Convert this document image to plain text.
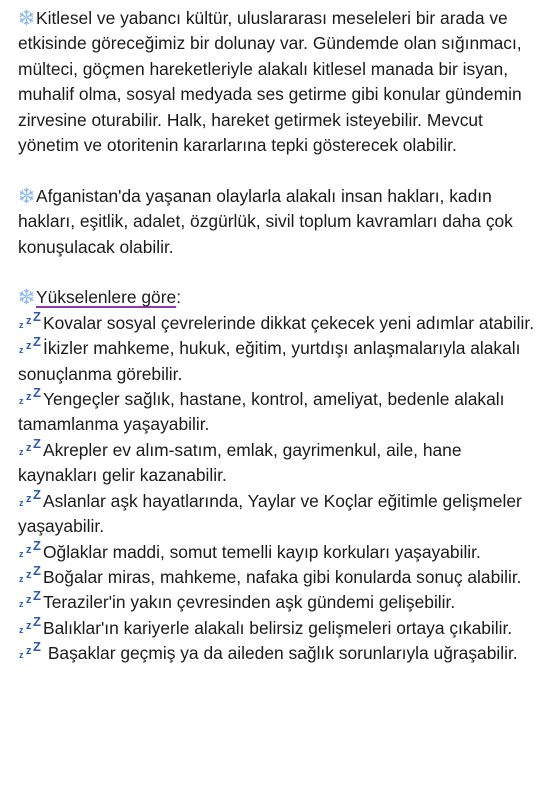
Kitlesel ve yabancı kültür, uluslararası meseleleri bir arada ve etkisinde göreceğimiz bir dolunay var. Gündemde olan sığınmacı, mülteci, göçmen hareketleriyle alakalı kitlesel manada bir isyan, muhalif olma, sosyal medyada ses getirme gibi konular gündemin zirvesine oturabilir. Halk, hareket getirmek isteyebilir. Mevcut yönetim ve otoritenin kararlarına tepki gösterecek olabilir.

Afganistan'da yaşanan olaylarla alakalı insan hakları, kadın hakları, eşitlik, adalet, özgürlük, sivil toplum kavramları daha çok konuşulacak olabilir.

Yükselenlere göre:

z z Z Kovalar sosyal çevrelerinde dikkat çekecek yeni adımlar atabilir.

z z Z İkizler mahkeme, hukuk, eğitim, yurtdışı anlaşmalarıyla alakalı sonuçlanma görebilir.

z z Z Yengeçler sağlık, hastane, kontrol, ameliyat, bedenle alakalı tamamlanma yaşayabilir.

z z Z Akrepler ev alım-satım, emlak, gayrimenkul, aile, hane kaynakları gelir kazanabilir.

z z Z Aslanlar aşk hayatlarında, Yaylar ve Koçlar eğitimle gelişmeler yaşayabilir.

z z Z Oğlaklar maddi, somut temelli kayıp korkuları yaşayabilir.

z z Z Boğalar miras, mahkeme, nafaka gibi konularda sonuç alabilir.

z z Z Teraziler'in yakın çevresinden aşk gündemi gelişebilir.

z z Z Balıklar'ın kariyerle alakalı belirsiz gelişmeleri ortaya çıkabilir.

z z Z Başaklar geçmiş ya da aileden sağlık sorunlarıyla uğraşabilir.
